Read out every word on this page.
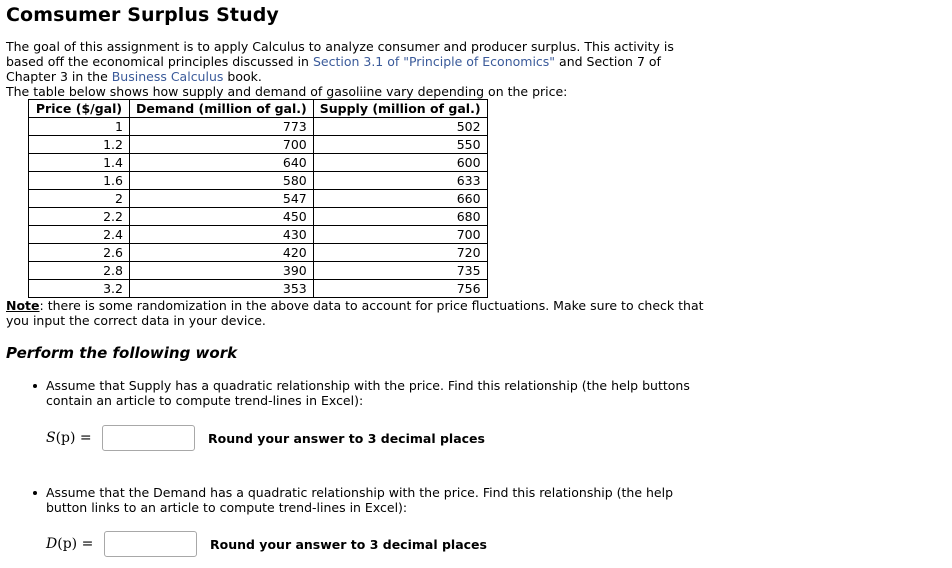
Comsumer Surplus Study

The goal of this assignment is to apply Calculus to analyze consumer and producer surplus. This activity is based off the economical principles discussed in Section 3.1 of "Principle of Economics" and Section 7 of Chapter 3 in the Business Calculus book.

The table below shows how supply and demand of gasoliine vary depending on the price:

Price ($/gal)	Demand (million of gal.)	Supply (million of gal.)
1	773	502
1.2	700	550
1.4	640	600
1.6	580	633
2	547	660
2.2	450	680
2.4	430	700
2.6	420	720
2.8	390	735
3.2	353	756

Note: there is some randomization in the above data to account for price fluctuations. Make sure to check that you input the correct data in your device.

Perform the following work

Assume that Supply has a quadratic relationship with the price. Find this relationship (the help buttons contain an article to compute trend-lines in Excel):

S(p) =	Round your answer to 3 decimal places

Assume that the Demand has a quadratic relationship with the price. Find this relationship (the help button links to an article to compute trend-lines in Excel):

D(p) =	Round your answer to 3 decimal places
